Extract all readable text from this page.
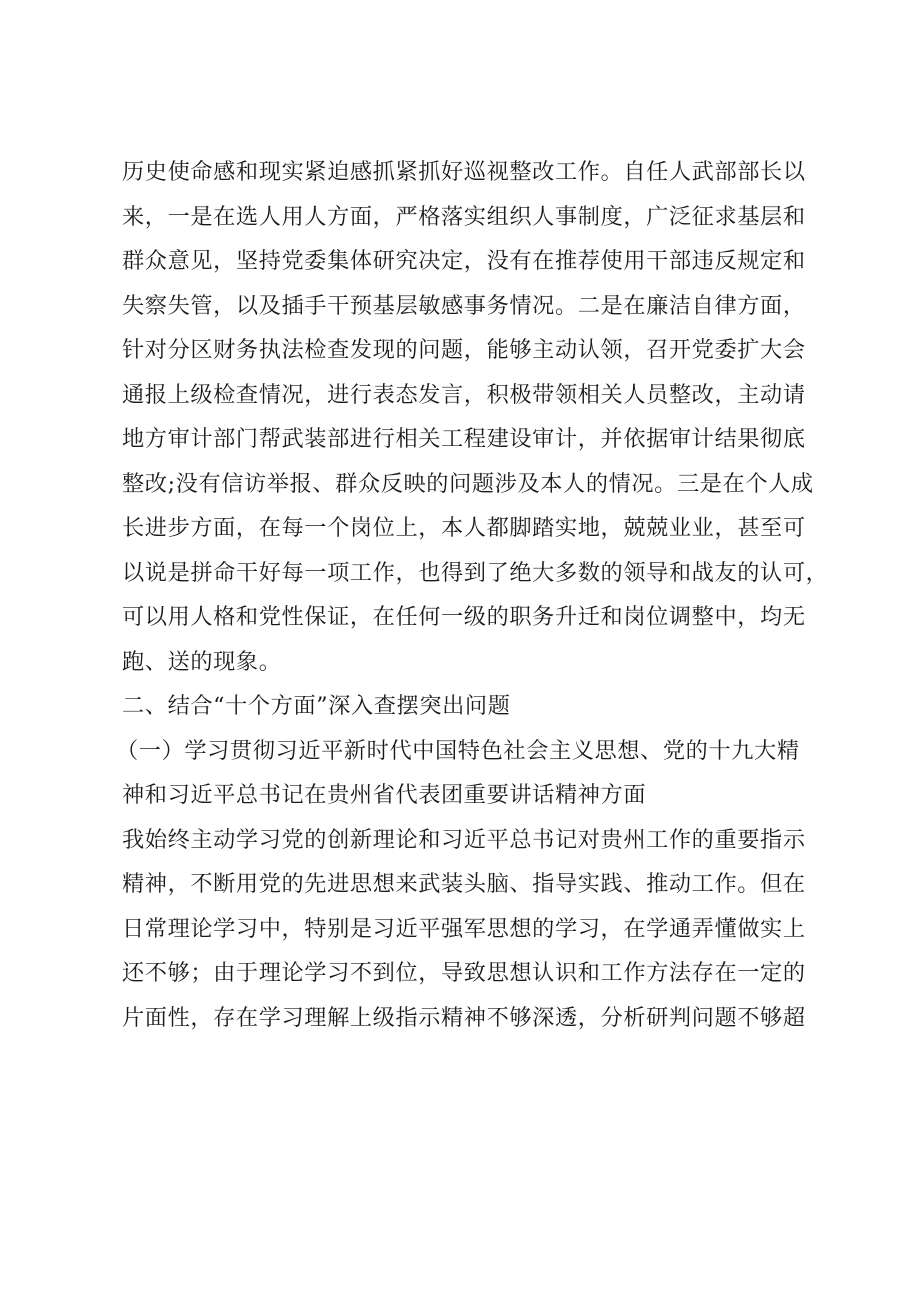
历史使命感和现实紧迫感抓紧抓好巡视整改工作。自任人武部部长以
来，一是在选人用人方面，严格落实组织人事制度，广泛征求基层和
群众意见，坚持党委集体研究决定，没有在推荐使用干部违反规定和
失察失管，以及插手干预基层敏感事务情况。二是在廉洁自律方面，
针对分区财务执法检查发现的问题，能够主动认领，召开党委扩大会
通报上级检查情况，进行表态发言，积极带领相关人员整改，主动请
地方审计部门帮武装部进行相关工程建设审计，并依据审计结果彻底
整改;没有信访举报、群众反映的问题涉及本人的情况。三是在个人成
长进步方面，在每一个岗位上，本人都脚踏实地，兢兢业业，甚至可
以说是拼命干好每一项工作，也得到了绝大多数的领导和战友的认可，
可以用人格和党性保证，在任何一级的职务升迁和岗位调整中，均无
跑、送的现象。
二、结合“十个方面”深入查摆突出问题
（一）学习贯彻习近平新时代中国特色社会主义思想、党的十九大精
神和习近平总书记在贵州省代表团重要讲话精神方面
我始终主动学习党的创新理论和习近平总书记对贵州工作的重要指示
精神，不断用党的先进思想来武装头脑、指导实践、推动工作。但在
日常理论学习中，特别是习近平强军思想的学习，在学通弄懂做实上
还不够；由于理论学习不到位，导致思想认识和工作方法存在一定的
片面性，存在学习理解上级指示精神不够深透，分析研判问题不够超
